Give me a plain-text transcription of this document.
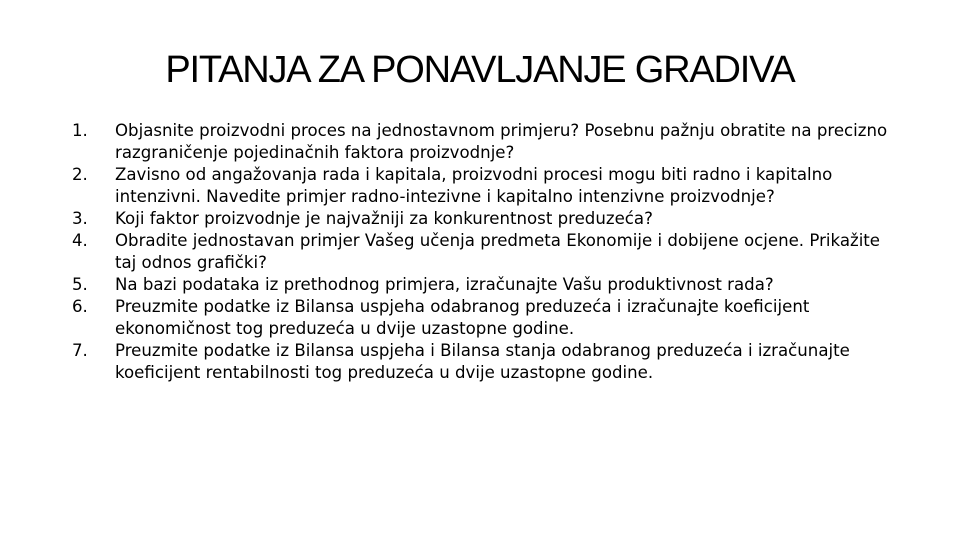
PITANJA ZA PONAVLJANJE GRADIVA
1.	Objasnite proizvodni proces na jednostavnom primjeru? Posebnu pažnju obratite na precizno razgraničenje pojedinačnih faktora proizvodnje?
2.	Zavisno od angažovanja rada i kapitala, proizvodni procesi mogu biti radno i kapitalno intenzivni. Navedite primjer radno-intezivne i kapitalno intenzivne proizvodnje?
3.	Koji faktor proizvodnje je najvažniji za konkurentnost preduzeća?
4.	Obradite jednostavan primjer Vašeg učenja predmeta Ekonomije i dobijene ocjene. Prikažite taj odnos grafički?
5.	Na bazi podataka iz prethodnog primjera, izračunajte Vašu produktivnost rada?
6.	Preuzmite podatke iz Bilansa uspjeha odabranog preduzeća i izračunajte koeficijent ekonomičnost tog preduzeća u dvije uzastopne godine.
7.	Preuzmite podatke iz Bilansa uspjeha i Bilansa stanja odabranog preduzeća i izračunajte koeficijent rentabilnosti tog preduzeća u dvije uzastopne godine.
